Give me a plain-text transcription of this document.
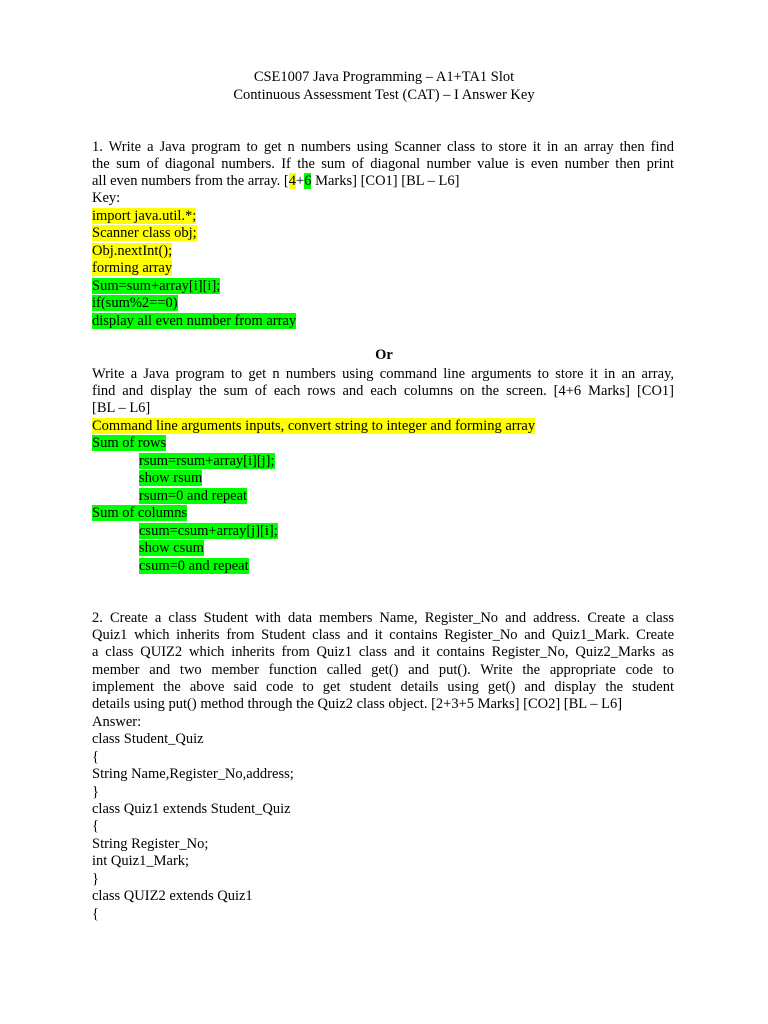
CSE1007 Java Programming – A1+TA1 Slot
Continuous Assessment Test (CAT) – I Answer Key
1. Write a Java program to get n numbers using Scanner class to store it in an array then find
the sum of diagonal numbers. If the sum of diagonal number value is even number then print
all even numbers from the array. [4+6 Marks] [CO1] [BL – L6]
Key:
import java.util.*;
Scanner class obj;
Obj.nextInt();
forming array
Sum=sum+array[i][i];
if(sum%2==0)
display all even number from array
Or
Write a Java program to get n numbers using command line arguments to store it in an array,
find and display the sum of each rows and each columns on the screen. [4+6 Marks] [CO1]
[BL – L6]
Command line arguments inputs, convert string to integer and forming array
Sum of rows
rsum=rsum+array[i][j];
show rsum
rsum=0 and repeat
Sum of columns
csum=csum+array[j][i];
show csum
csum=0 and repeat
2. Create a class Student with data members Name, Register_No and address. Create a class
Quiz1 which inherits from Student class and it contains Register_No and Quiz1_Mark. Create
a class QUIZ2 which inherits from Quiz1 class and it contains Register_No, Quiz2_Marks as
member and two member function called get() and put(). Write the appropriate code to
implement the above said code to get student details using get() and display the student
details using put() method through the Quiz2 class object. [2+3+5 Marks] [CO2] [BL – L6]
Answer:
class Student_Quiz
{
String Name,Register_No,address;
}
class Quiz1 extends Student_Quiz
{
String Register_No;
int Quiz1_Mark;
}
class QUIZ2 extends Quiz1
{
